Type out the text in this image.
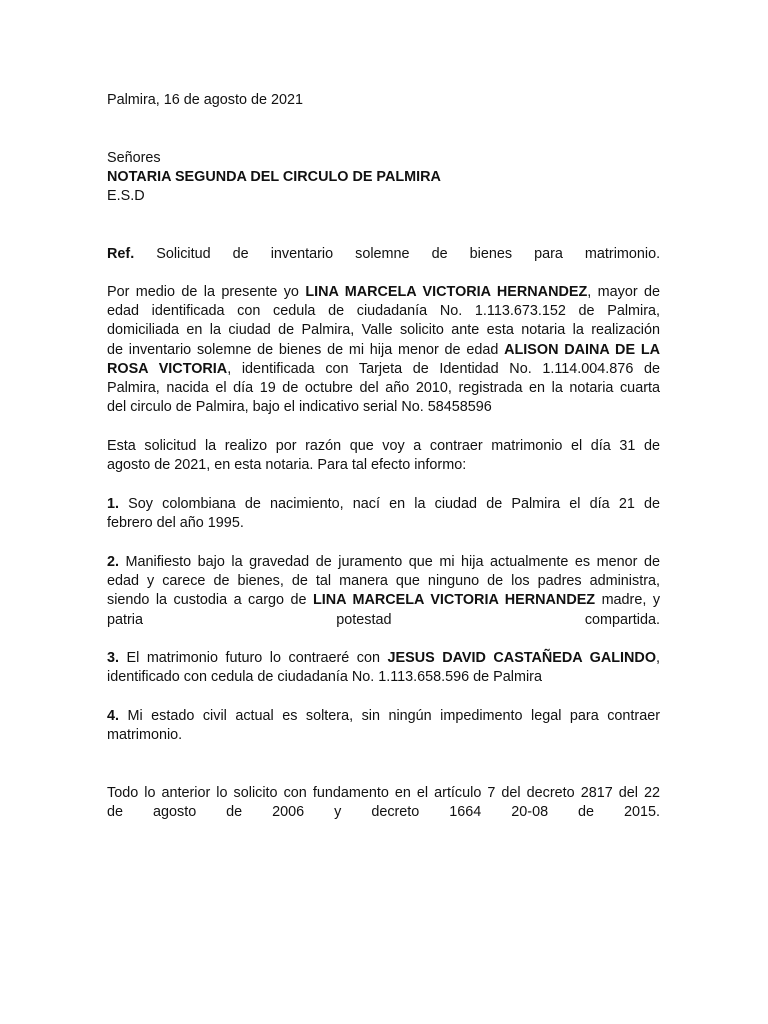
Palmira, 16 de agosto de 2021

Señores
NOTARIA SEGUNDA DEL CIRCULO DE PALMIRA
E.S.D

Ref. Solicitud de inventario solemne de bienes para matrimonio.

Por medio de la presente yo LINA MARCELA VICTORIA HERNANDEZ, mayor de
edad identificada con cedula de ciudadanía No. 1.113.673.152 de Palmira,
domiciliada en la ciudad de Palmira, Valle solicito ante esta notaria la realización
de inventario solemne de bienes de mi hija menor de edad ALISON DAINA DE LA
ROSA VICTORIA, identificada con Tarjeta de Identidad No. 1.114.004.876 de
Palmira, nacida el día 19 de octubre del año 2010, registrada en la notaria cuarta
del circulo de Palmira, bajo el indicativo serial No. 58458596

Esta solicitud la realizo por razón que voy a contraer matrimonio el día 31 de
agosto de 2021, en esta notaria. Para tal efecto informo:

1. Soy colombiana de nacimiento, nací en la ciudad de Palmira el día 21 de
febrero del año 1995.

2. Manifiesto bajo la gravedad de juramento que mi hija actualmente es menor de
edad y carece de bienes, de tal manera que ninguno de los padres administra,
siendo la custodia a cargo de LINA MARCELA VICTORIA HERNANDEZ madre, y
patria	potestad	compartida.

3. El matrimonio futuro lo contraeré con JESUS DAVID CASTAÑEDA GALINDO,
identificado con cedula de ciudadanía No. 1.113.658.596 de Palmira

4. Mi estado civil actual es soltera, sin ningún impedimento legal para contraer
matrimonio.

Todo lo anterior lo solicito con fundamento en el artículo 7 del decreto 2817 del 22
de agosto de 2006 y decreto 1664 20-08 de 2015.
